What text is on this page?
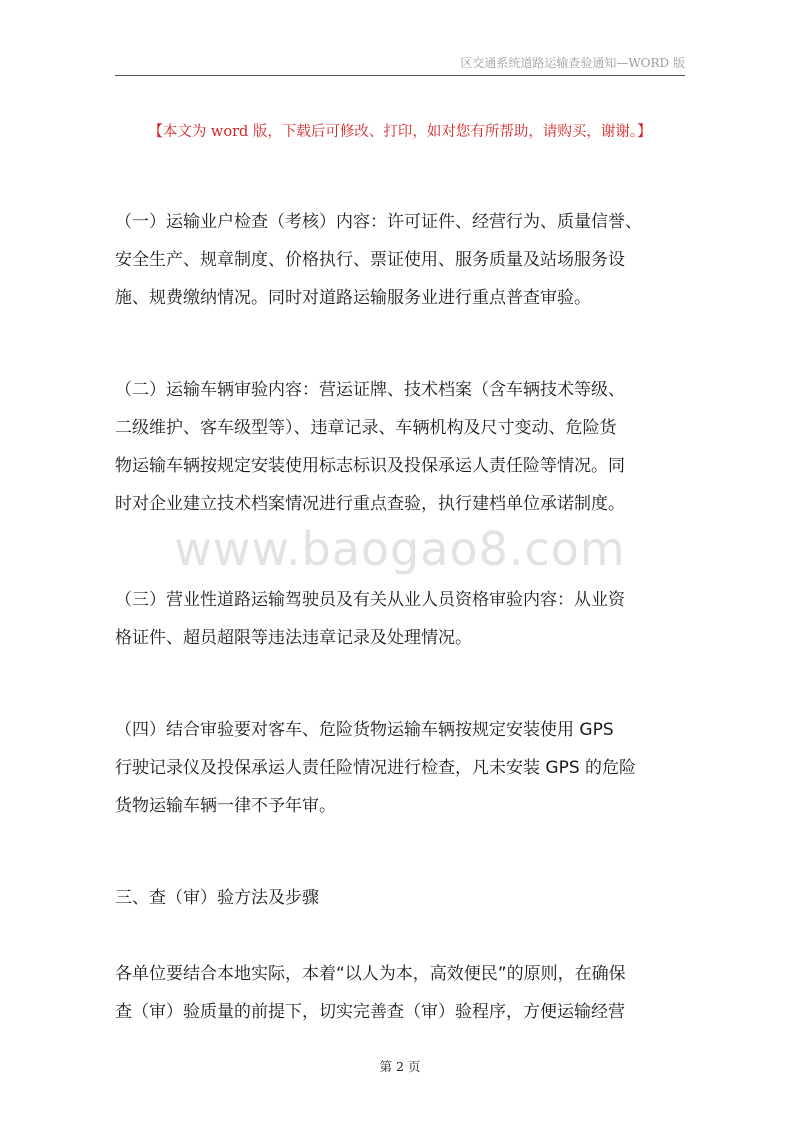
区交通系统道路运输查验通知—WORD 版
【本文为 word 版，下载后可修改、打印，如对您有所帮助，请购买，谢谢。】
www.baogao8.com
（一）运输业户检查（考核）内容：许可证件、经营行为、质量信誉、
安全生产、规章制度、价格执行、票证使用、服务质量及站场服务设
施、规费缴纳情况。同时对道路运输服务业进行重点普查审验。
（二）运输车辆审验内容：营运证牌、技术档案（含车辆技术等级、
二级维护、客车级型等）、违章记录、车辆机构及尺寸变动、危险货
物运输车辆按规定安装使用标志标识及投保承运人责任险等情况。同
时对企业建立技术档案情况进行重点查验，执行建档单位承诺制度。
（三）营业性道路运输驾驶员及有关从业人员资格审验内容：从业资
格证件、超员超限等违法违章记录及处理情况。
（四）结合审验要对客车、危险货物运输车辆按规定安装使用 GPS
行驶记录仪及投保承运人责任险情况进行检查，凡未安装 GPS 的危险
货物运输车辆一律不予年审。
三、查（审）验方法及步骤
各单位要结合本地实际，本着“以人为本，高效便民”的原则，在确保
查（审）验质量的前提下，切实完善查（审）验程序，方便运输经营
第 2 页
